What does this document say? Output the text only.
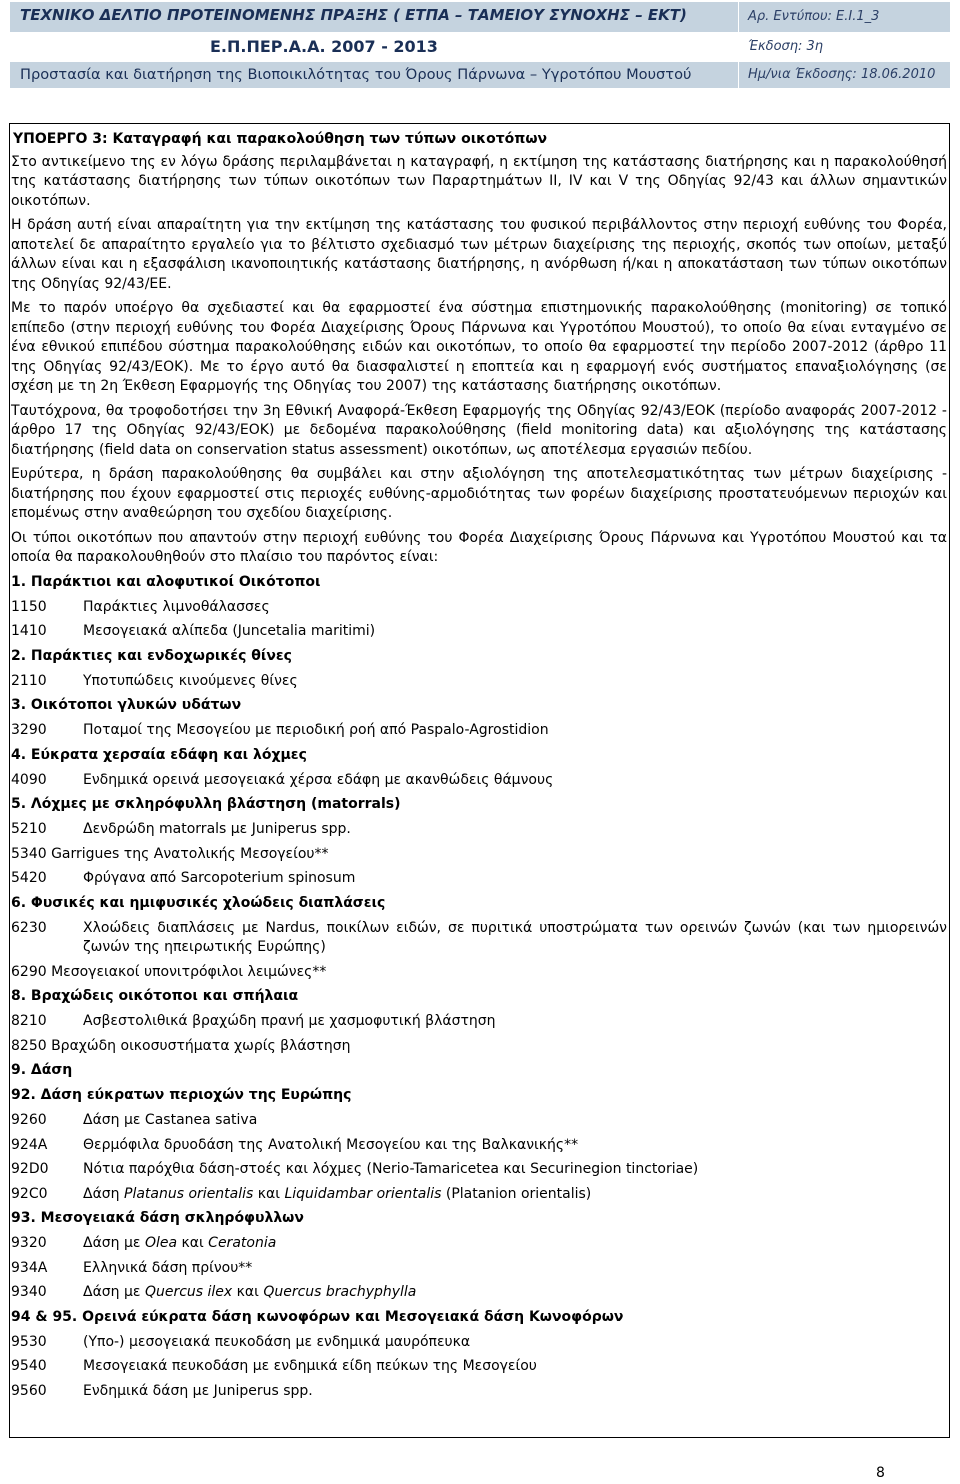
ΤΕΧΝΙΚΟ ΔΕΛΤΙΟ ΠΡΟΤΕΙΝΟΜΕΝΗΣ ΠΡΑΞΗΣ ( ΕΤΠΑ – ΤΑΜΕΙΟΥ ΣΥΝΟΧΗΣ – ΕΚΤ)	Αρ. Εντύπου: Ε.Ι.1_3
Ε.Π.ΠΕΡ.Α.Α. 2007 - 2013	Έκδοση: 3η
Προστασία και διατήρηση της Βιοποικιλότητας του Όρους Πάρνωνα – Υγροτόπου Μουστού	Ημ/νια Έκδοσης: 18.06.2010
ΥΠΟΕΡΓΟ 3: Καταγραφή και παρακολούθηση των τύπων οικοτόπων

Στο αντικείμενο της εν λόγω δράσης περιλαμβάνεται η καταγραφή, η εκτίμηση της κατάστασης διατήρησης και η παρακολούθησή της κατάστασης διατήρησης των τύπων οικοτόπων των Παραρτημάτων II, IV και V της Οδηγίας 92/43 και άλλων σημαντικών οικοτόπων.

Η δράση αυτή είναι απαραίτητη για την εκτίμηση της κατάστασης του φυσικού περιβάλλοντος στην περιοχή ευθύνης του Φορέα, αποτελεί δε απαραίτητο εργαλείο για το βέλτιστο σχεδιασμό των μέτρων διαχείρισης της περιοχής, σκοπός των οποίων, μεταξύ άλλων είναι και η εξασφάλιση ικανοποιητικής κατάστασης διατήρησης, η ανόρθωση ή/και η αποκατάσταση των τύπων οικοτόπων της Οδηγίας 92/43/ΕΕ.

Με το παρόν υποέργο θα σχεδιαστεί και θα εφαρμοστεί ένα σύστημα επιστημονικής παρακολούθησης (monitoring) σε τοπικό επίπεδο (στην περιοχή ευθύνης του Φορέα Διαχείρισης Όρους Πάρνωνα και Υγροτόπου Μουστού), το οποίο θα είναι ενταγμένο σε ένα εθνικού επιπέδου σύστημα παρακολούθησης ειδών και οικοτόπων, το οποίο θα εφαρμοστεί την περίοδο 2007-2012 (άρθρο 11 της Οδηγίας 92/43/ΕΟΚ). Με το έργο αυτό θα διασφαλιστεί η εποπτεία και η εφαρμογή ενός συστήματος επαναξιολόγησης (σε σχέση με τη 2η Έκθεση Εφαρμογής της Οδηγίας του 2007) της κατάστασης διατήρησης οικοτόπων.

Ταυτόχρονα, θα τροφοδοτήσει την 3η Εθνική Αναφορά-Έκθεση Εφαρμογής της Οδηγίας 92/43/ΕΟΚ (περίοδο αναφοράς 2007-2012 - άρθρο 17 της Οδηγίας 92/43/ΕΟΚ) με δεδομένα παρακολούθησης (field monitoring data) και αξιολόγησης της κατάστασης διατήρησης (field data on conservation status assessment) οικοτόπων, ως αποτέλεσμα εργασιών πεδίου.

Ευρύτερα, η δράση παρακολούθησης θα συμβάλει και στην αξιολόγηση της αποτελεσματικότητας των μέτρων διαχείρισης - διατήρησης που έχουν εφαρμοστεί στις περιοχές ευθύνης-αρμοδιότητας των φορέων διαχείρισης προστατευόμενων περιοχών και επομένως στην αναθεώρηση του σχεδίου διαχείρισης.

Οι τύποι οικοτόπων που απαντούν στην περιοχή ευθύνης του Φορέα Διαχείρισης Όρους Πάρνωνα και Υγροτόπου Μουστού και τα οποία θα παρακολουθηθούν στο πλαίσιο του παρόντος είναι:

1. Παράκτιοι και αλοφυτικοί Οικότοποι
1150	Παράκτιες λιμνοθάλασσες
1410	Μεσογειακά αλίπεδα (Juncetalia maritimi)
2. Παράκτιες και ενδοχωρικές θίνες
2110	Υποτυπώδεις κινούμενες θίνες
3. Οικότοποι γλυκών υδάτων
3290	Ποταμοί της Μεσογείου με περιοδική ροή από Paspalo-Agrostidion
4. Εύκρατα χερσαία εδάφη και λόχμες
4090	Ενδημικά ορεινά μεσογειακά χέρσα εδάφη με ακανθώδεις θάμνους
5. Λόχμες με σκληρόφυλλη βλάστηση (matorrals)
5210	Δενδρώδη matorrals με Juniperus spp.
5340 Garrigues της Ανατολικής Μεσογείου**
5420	Φρύγανα από Sarcopoterium spinosum
6. Φυσικές και ημιφυσικές χλοώδεις διαπλάσεις
6230	Χλοώδεις διαπλάσεις με Nardus, ποικίλων ειδών, σε πυριτικά υποστρώματα των ορεινών ζωνών (και των ημιορεινών ζωνών της ηπειρωτικής Ευρώπης)
6290 Μεσογειακοί υπονιτρόφιλοι λειμώνες**
8. Βραχώδεις οικότοποι και σπήλαια
8210	Ασβεστολιθικά βραχώδη πρανή με χασμοφυτική βλάστηση
8250 Βραχώδη οικοσυστήματα χωρίς βλάστηση
9. Δάση
92. Δάση εύκρατων περιοχών της Ευρώπης
9260	Δάση με Castanea sativa
924A	Θερμόφιλα δρυοδάση της Ανατολική Μεσογείου και της Βαλκανικής**
92D0	Νότια παρόχθια δάση-στοές και λόχμες (Nerio-Tamaricetea και Securinegion tinctoriae)
92C0	Δάση Platanus orientalis και Liquidambar orientalis (Platanion orientalis)
93. Μεσογειακά δάση σκληρόφυλλων
9320	Δάση με Olea και Ceratonia
934A	Ελληνικά δάση πρίνου**
9340	Δάση με Quercus ilex και Quercus brachyphylla
94 & 95. Ορεινά εύκρατα δάση κωνοφόρων και Μεσογειακά δάση Κωνοφόρων
9530	(Υπο-) μεσογειακά πευκοδάση με ενδημικά μαυρόπευκα
9540	Μεσογειακά πευκοδάση με ενδημικά είδη πεύκων της Μεσογείου
9560	Ενδημικά δάση με Juniperus spp.
8
